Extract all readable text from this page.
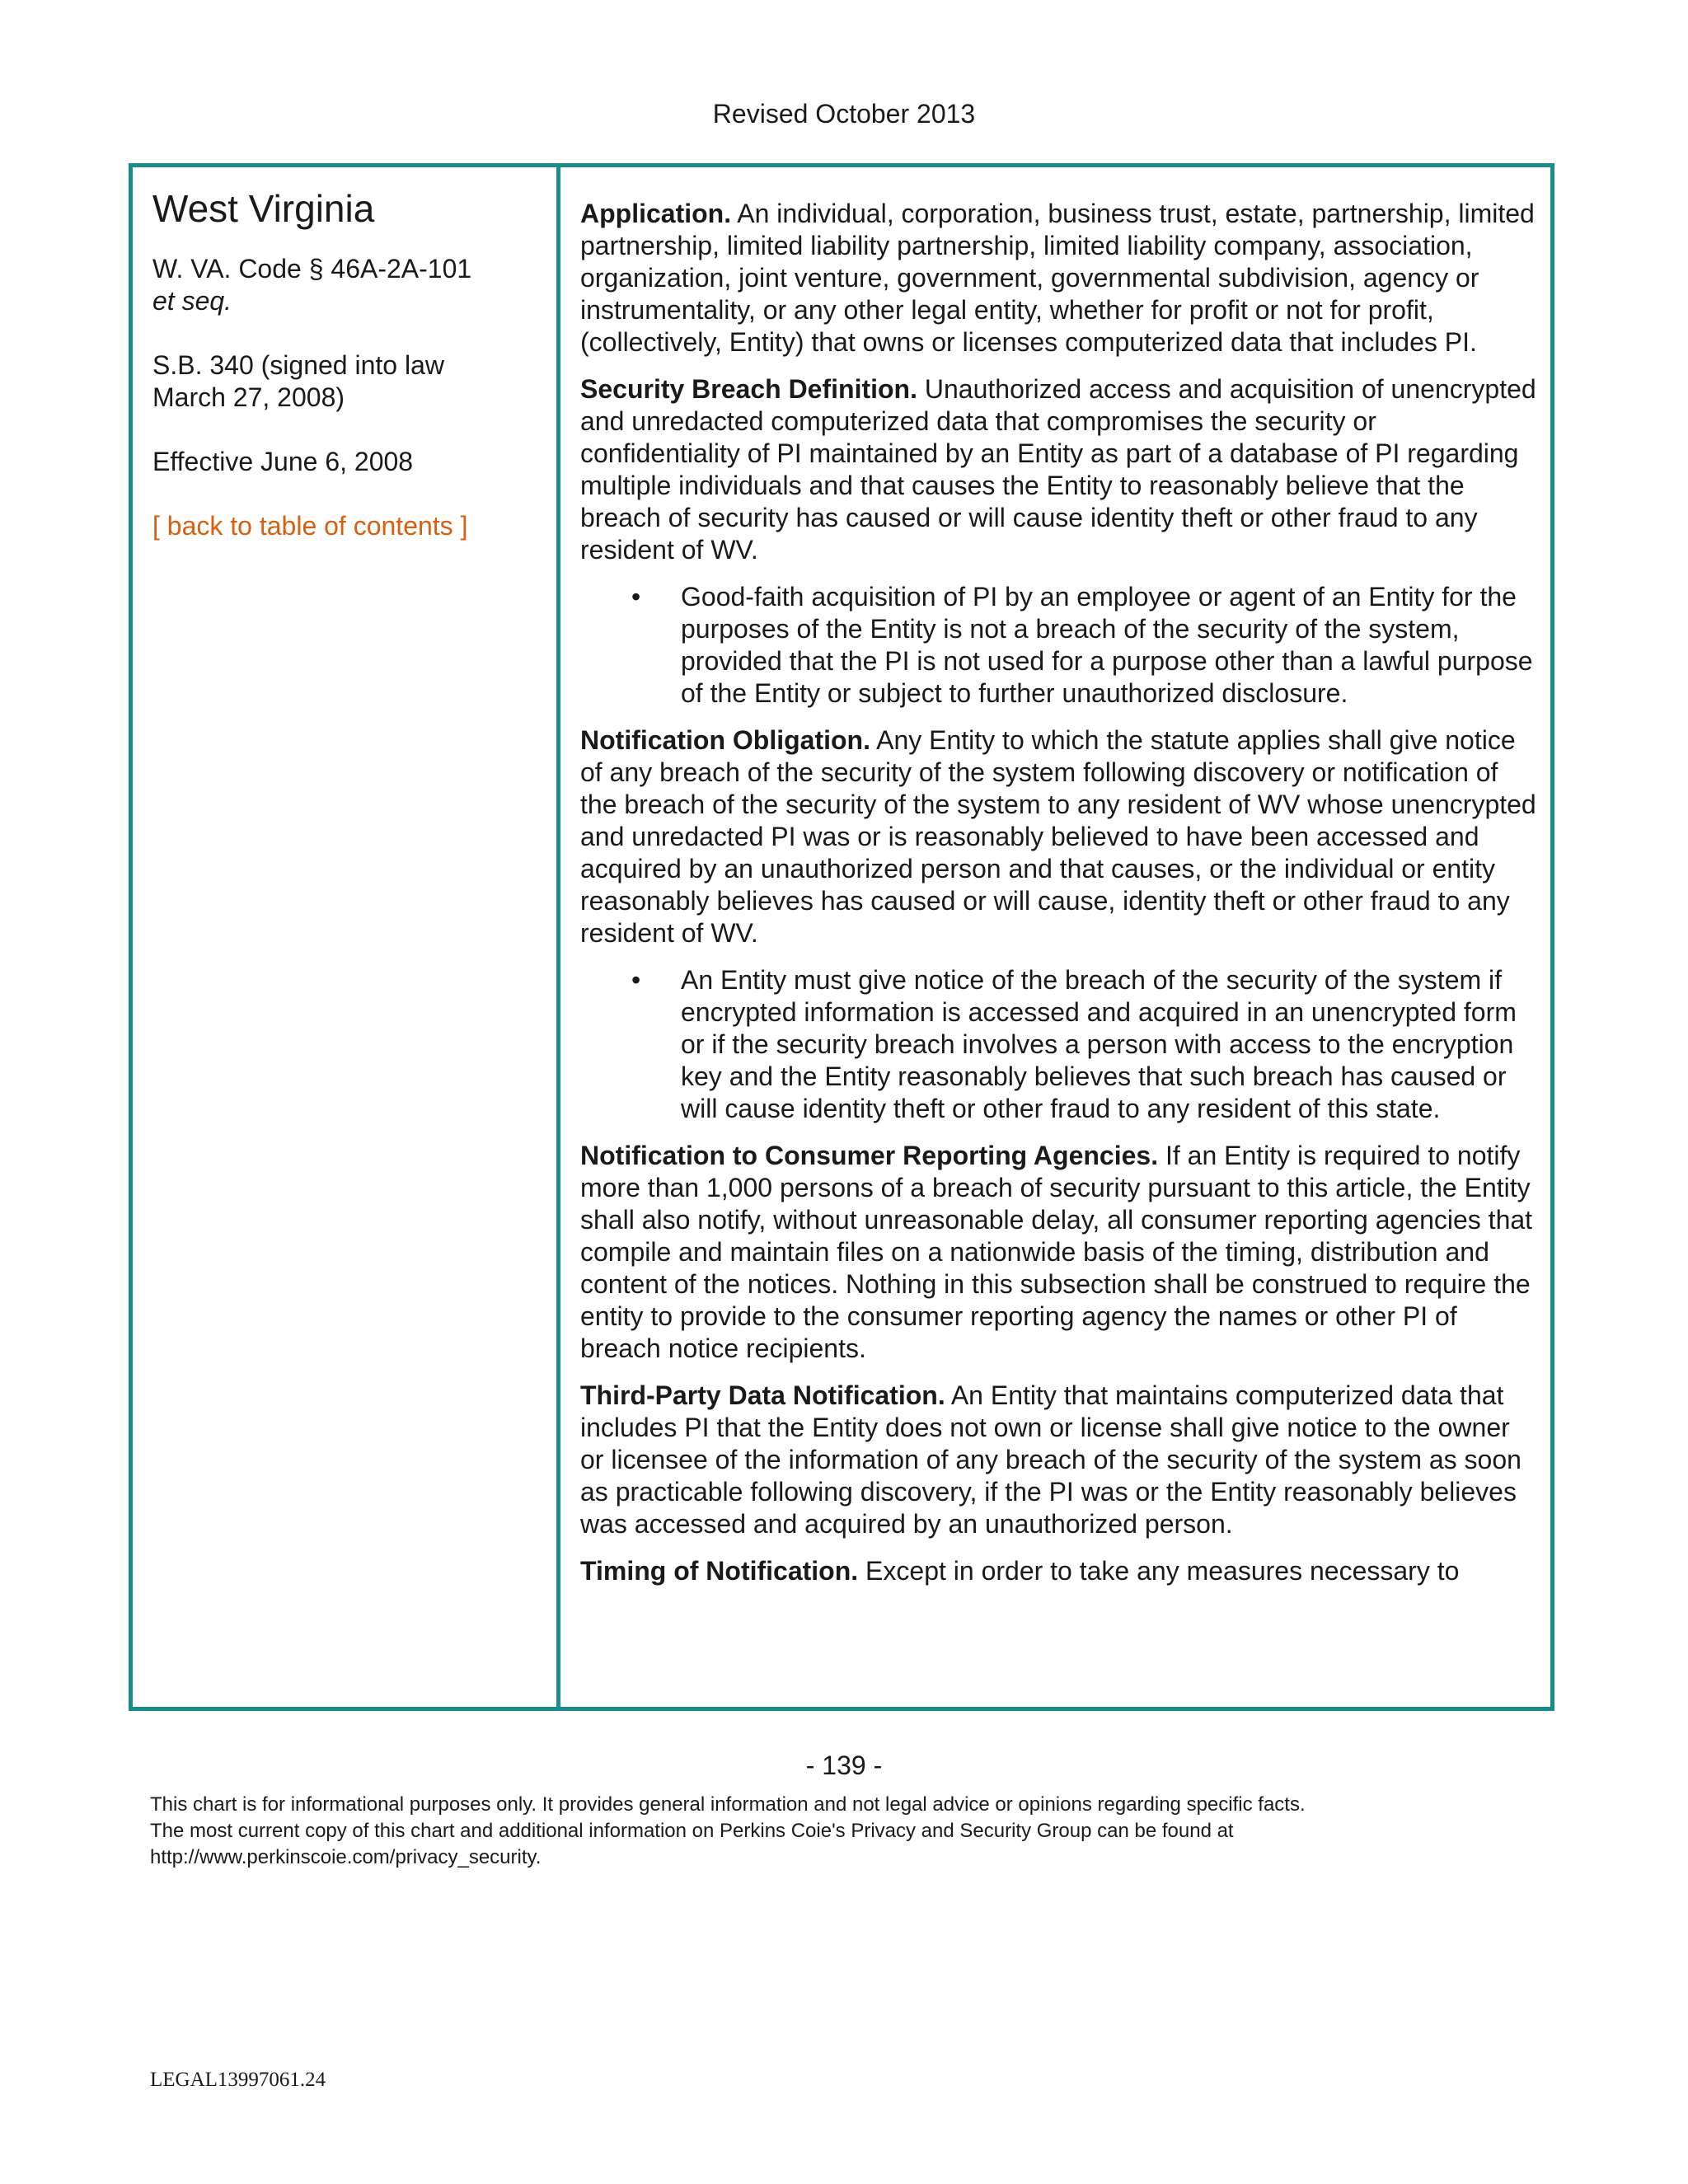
Revised October 2013
West Virginia
W. VA. Code § 46A-2A-101
et seq.
S.B. 340 (signed into law
March 27, 2008)
Effective June 6, 2008
[ back to table of contents ]

Application. An individual, corporation, business trust, estate, partnership, limited partnership, limited liability partnership, limited liability company, association, organization, joint venture, government, governmental subdivision, agency or instrumentality, or any other legal entity, whether for profit or not for profit, (collectively, Entity) that owns or licenses computerized data that includes PI.

Security Breach Definition. Unauthorized access and acquisition of unencrypted and unredacted computerized data that compromises the security or confidentiality of PI maintained by an Entity as part of a database of PI regarding multiple individuals and that causes the Entity to reasonably believe that the breach of security has caused or will cause identity theft or other fraud to any resident of WV.

• Good-faith acquisition of PI by an employee or agent of an Entity for the purposes of the Entity is not a breach of the security of the system, provided that the PI is not used for a purpose other than a lawful purpose of the Entity or subject to further unauthorized disclosure.

Notification Obligation. Any Entity to which the statute applies shall give notice of any breach of the security of the system following discovery or notification of the breach of the security of the system to any resident of WV whose unencrypted and unredacted PI was or is reasonably believed to have been accessed and acquired by an unauthorized person and that causes, or the individual or entity reasonably believes has caused or will cause, identity theft or other fraud to any resident of WV.

• An Entity must give notice of the breach of the security of the system if encrypted information is accessed and acquired in an unencrypted form or if the security breach involves a person with access to the encryption key and the Entity reasonably believes that such breach has caused or will cause identity theft or other fraud to any resident of this state.

Notification to Consumer Reporting Agencies. If an Entity is required to notify more than 1,000 persons of a breach of security pursuant to this article, the Entity shall also notify, without unreasonable delay, all consumer reporting agencies that compile and maintain files on a nationwide basis of the timing, distribution and content of the notices. Nothing in this subsection shall be construed to require the entity to provide to the consumer reporting agency the names or other PI of breach notice recipients.

Third-Party Data Notification. An Entity that maintains computerized data that includes PI that the Entity does not own or license shall give notice to the owner or licensee of the information of any breach of the security of the system as soon as practicable following discovery, if the PI was or the Entity reasonably believes was accessed and acquired by an unauthorized person.

Timing of Notification. Except in order to take any measures necessary to

- 139 -
This chart is for informational purposes only. It provides general information and not legal advice or opinions regarding specific facts.
The most current copy of this chart and additional information on Perkins Coie's Privacy and Security Group can be found at
http://www.perkinscoie.com/privacy_security.
LEGAL13997061.24
